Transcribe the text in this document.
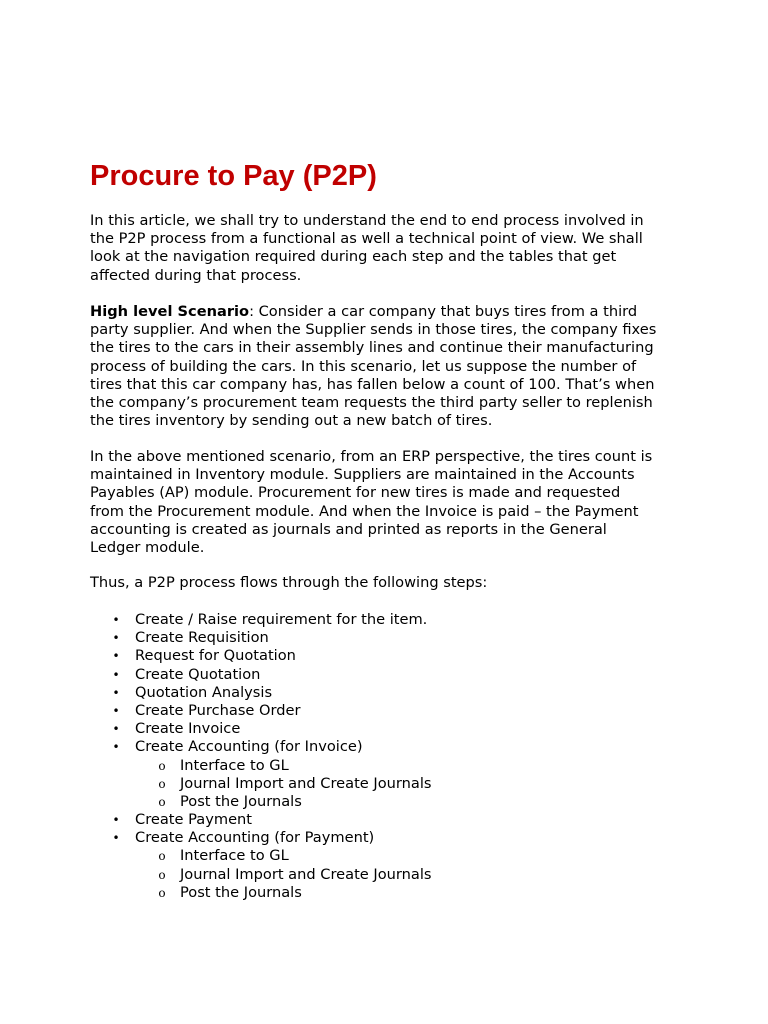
Procure to Pay (P2P)

In this article, we shall try to understand the end to end process involved in
the P2P process from a functional as well a technical point of view. We shall
look at the navigation required during each step and the tables that get
affected during that process.

High level Scenario: Consider a car company that buys tires from a third
party supplier. And when the Supplier sends in those tires, the company fixes
the tires to the cars in their assembly lines and continue their manufacturing
process of building the cars. In this scenario, let us suppose the number of
tires that this car company has, has fallen below a count of 100. That’s when
the company’s procurement team requests the third party seller to replenish
the tires inventory by sending out a new batch of tires.

In the above mentioned scenario, from an ERP perspective, the tires count is
maintained in Inventory module. Suppliers are maintained in the Accounts
Payables (AP) module. Procurement for new tires is made and requested
from the Procurement module. And when the Invoice is paid – the Payment
accounting is created as journals and printed as reports in the General
Ledger module.

Thus, a P2P process flows through the following steps:

• Create / Raise requirement for the item.
• Create Requisition
• Request for Quotation
• Create Quotation
• Quotation Analysis
• Create Purchase Order
• Create Invoice
• Create Accounting (for Invoice)
o Interface to GL
o Journal Import and Create Journals
o Post the Journals
• Create Payment
• Create Accounting (for Payment)
o Interface to GL
o Journal Import and Create Journals
o Post the Journals
